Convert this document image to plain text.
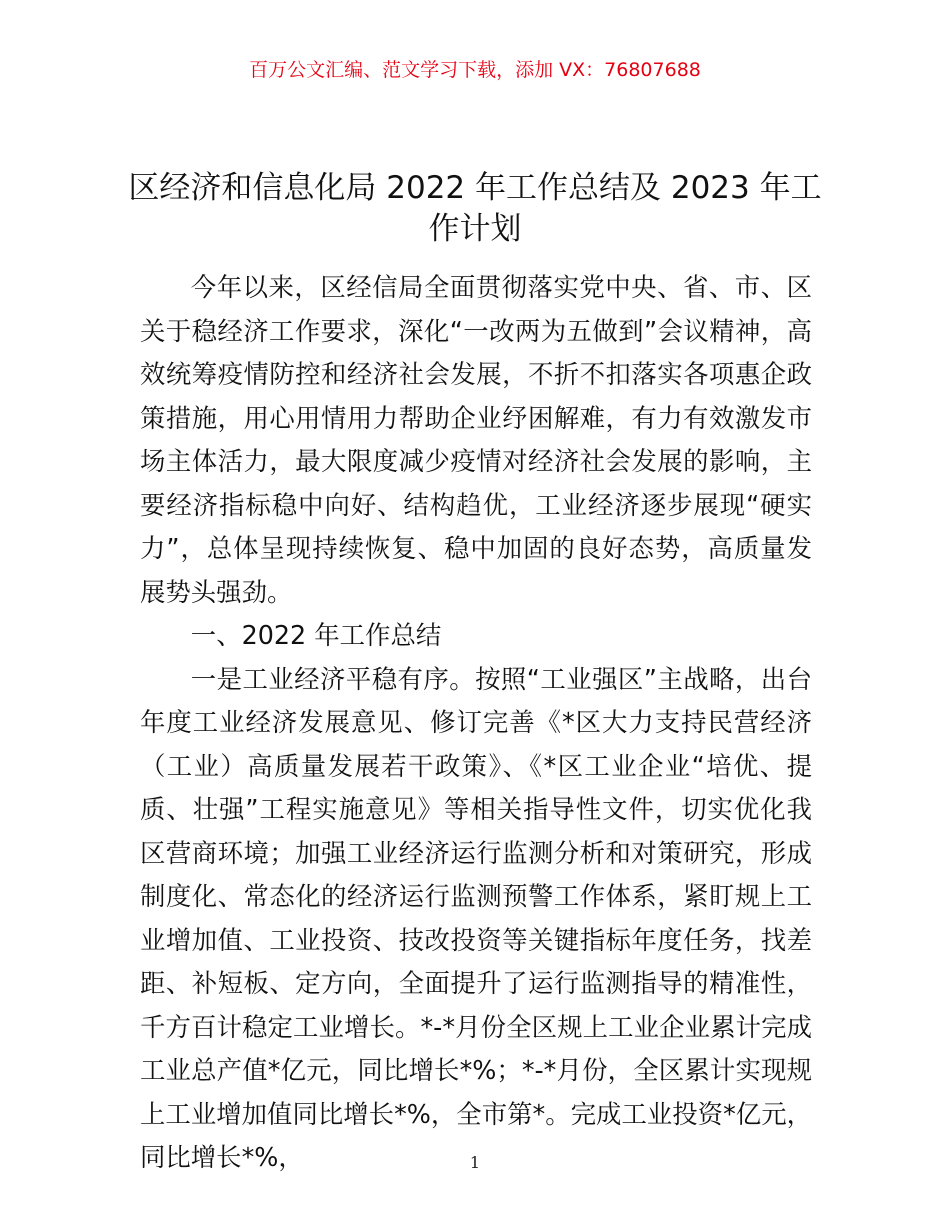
百万公文汇编、范文学习下载，添加 VX：76807688
区经济和信息化局 2022 年工作总结及 2023 年工作计划

今年以来，区经信局全面贯彻落实党中央、省、市、区关于稳经济工作要求，深化“一改两为五做到”会议精神，高效统筹疫情防控和经济社会发展，不折不扣落实各项惠企政策措施，用心用情用力帮助企业纾困解难，有力有效激发市场主体活力，最大限度减少疫情对经济社会发展的影响，主要经济指标稳中向好、结构趋优，工业经济逐步展现“硬实力”，总体呈现持续恢复、稳中加固的良好态势，高质量发展势头强劲。

一、2022 年工作总结

一是工业经济平稳有序。按照“工业强区”主战略，出台年度工业经济发展意见、修订完善《*区大力支持民营经济（工业）高质量发展若干政策》、《*区工业企业“培优、提质、壮强”工程实施意见》等相关指导性文件，切实优化我区营商环境；加强工业经济运行监测分析和对策研究，形成制度化、常态化的经济运行监测预警工作体系，紧盯规上工业增加值、工业投资、技改投资等关键指标年度任务，找差距、补短板、定方向，全面提升了运行监测指导的精准性，千方百计稳定工业增长。*-*月份全区规上工业企业累计完成工业总产值*亿元，同比增长*%；*-*月份，全区累计实现规上工业增加值同比增长*%，全市第*。完成工业投资*亿元，同比增长*%，	1
